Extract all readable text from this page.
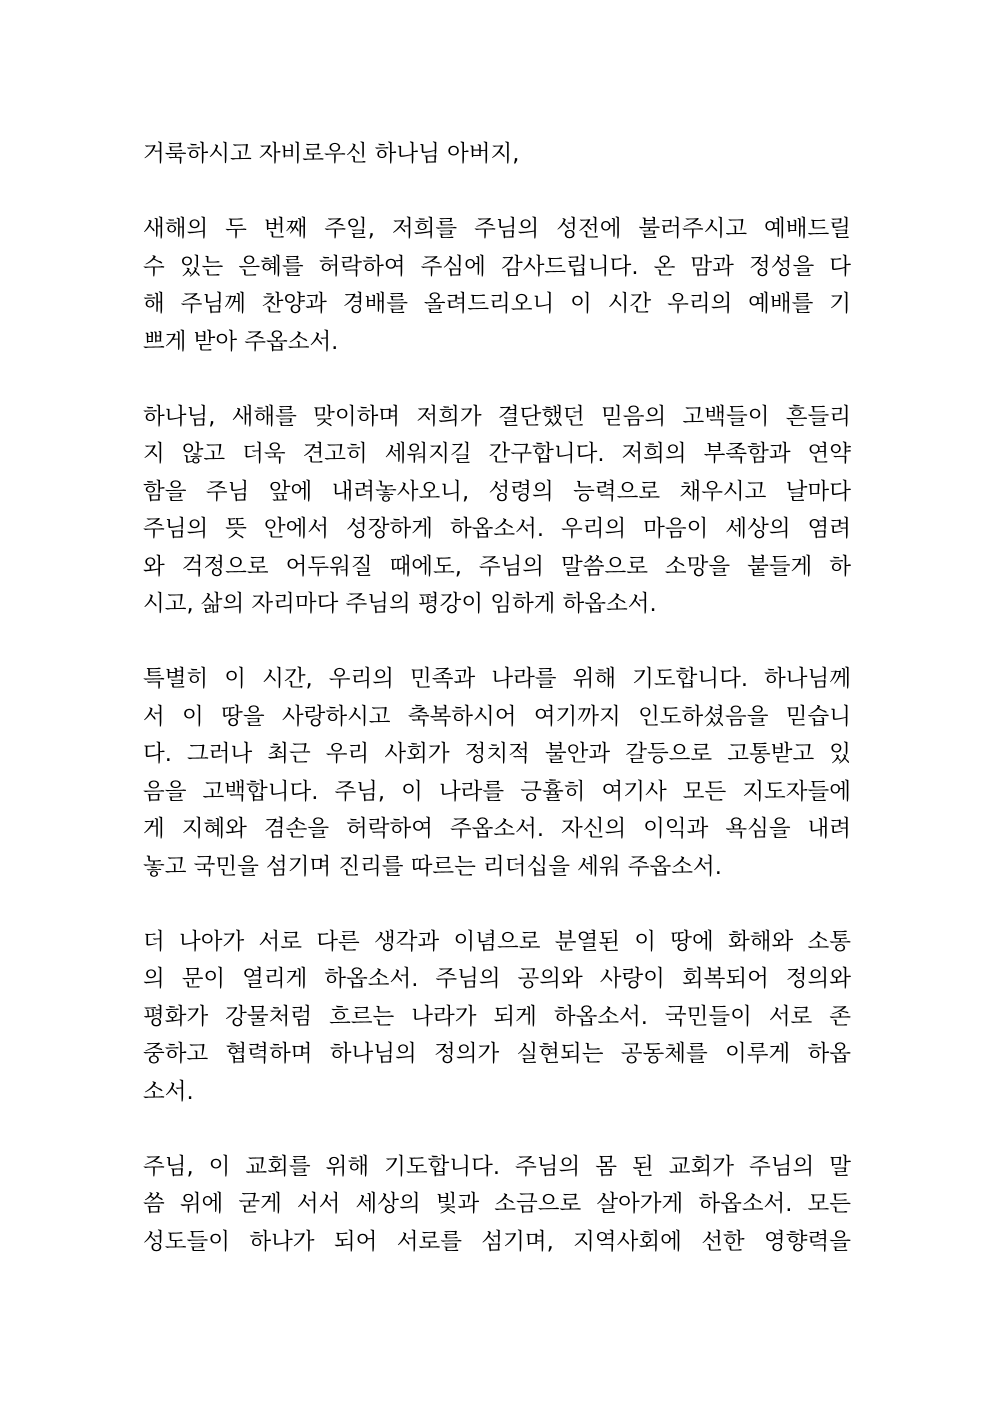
거룩하시고 자비로우신 하나님 아버지,
새해의 두 번째 주일, 저희를 주님의 성전에 불러주시고 예배드릴
수 있는 은혜를 허락하여 주심에 감사드립니다. 온 맘과 정성을 다
해 주님께 찬양과 경배를 올려드리오니 이 시간 우리의 예배를 기
쁘게 받아 주옵소서.
하나님, 새해를 맞이하며 저희가 결단했던 믿음의 고백들이 흔들리
지 않고 더욱 견고히 세워지길 간구합니다. 저희의 부족함과 연약
함을 주님 앞에 내려놓사오니, 성령의 능력으로 채우시고 날마다
주님의 뜻 안에서 성장하게 하옵소서. 우리의 마음이 세상의 염려
와 걱정으로 어두워질 때에도, 주님의 말씀으로 소망을 붙들게 하
시고, 삶의 자리마다 주님의 평강이 임하게 하옵소서.
특별히 이 시간, 우리의 민족과 나라를 위해 기도합니다. 하나님께
서 이 땅을 사랑하시고 축복하시어 여기까지 인도하셨음을 믿습니
다. 그러나 최근 우리 사회가 정치적 불안과 갈등으로 고통받고 있
음을 고백합니다. 주님, 이 나라를 긍휼히 여기사 모든 지도자들에
게 지혜와 겸손을 허락하여 주옵소서. 자신의 이익과 욕심을 내려
놓고 국민을 섬기며 진리를 따르는 리더십을 세워 주옵소서.
더 나아가 서로 다른 생각과 이념으로 분열된 이 땅에 화해와 소통
의 문이 열리게 하옵소서. 주님의 공의와 사랑이 회복되어 정의와
평화가 강물처럼 흐르는 나라가 되게 하옵소서. 국민들이 서로 존
중하고 협력하며 하나님의 정의가 실현되는 공동체를 이루게 하옵
소서.
주님, 이 교회를 위해 기도합니다. 주님의 몸 된 교회가 주님의 말
씀 위에 굳게 서서 세상의 빛과 소금으로 살아가게 하옵소서. 모든
성도들이 하나가 되어 서로를 섬기며, 지역사회에 선한 영향력을
